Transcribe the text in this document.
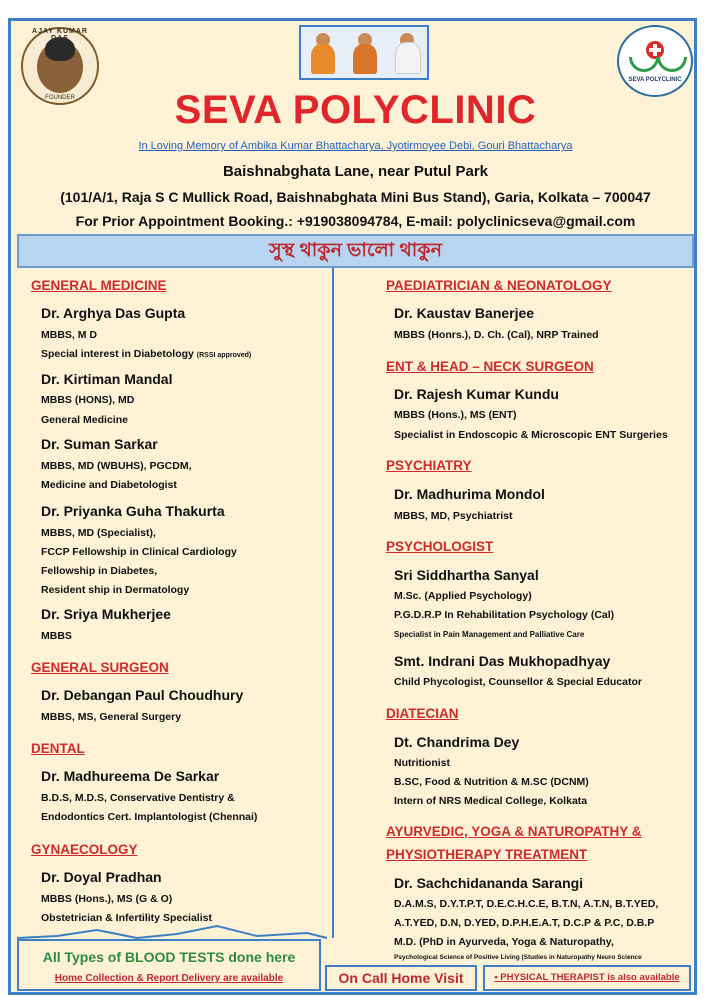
AJAY KUMAR
FOUNDER
SEVA POLYCLINIC
SEVA POLYCLINIC
In Loving Memory of Ambika Kumar Bhattacharya, Jyotirmoyee Debi, Gouri Bhattacharya
Baishnabghata Lane, near Putul Park
(101/A/1, Raja S C Mullick Road, Baishnabghata Mini Bus Stand), Garia, Kolkata – 700047
For Prior Appointment Booking.: +919038094784, E-mail: polyclinicseva@gmail.com
সুস্থ থাকুন ভালো থাকুন
GENERAL MEDICINE
Dr. Arghya Das Gupta
MBBS, M D
Special interest in Diabetology (RSSI approved)
Dr. Kirtiman Mandal
MBBS (HONS), MD
General Medicine
Dr. Suman Sarkar
MBBS, MD (WBUHS), PGCDM,
Medicine and Diabetologist
Dr. Priyanka Guha Thakurta
MBBS, MD (Specialist),
FCCP Fellowship in Clinical Cardiology
Fellowship in Diabetes,
Resident ship in Dermatology
Dr. Sriya Mukherjee
MBBS
GENERAL SURGEON
Dr. Debangan Paul Choudhury
MBBS, MS, General Surgery
DENTAL
Dr. Madhureema De Sarkar
B.D.S, M.D.S, Conservative Dentistry &
Endodontics Cert. Implantologist (Chennai)
GYNAECOLOGY
Dr. Doyal Pradhan
MBBS (Hons.), MS (G & O)
Obstetrician & Infertility Specialist
PAEDIATRICIAN & NEONATOLOGY
Dr. Kaustav Banerjee
MBBS (Honrs.), D. Ch. (Cal), NRP Trained
ENT & HEAD – NECK SURGEON
Dr. Rajesh Kumar Kundu
MBBS (Hons.), MS (ENT)
Specialist in Endoscopic & Microscopic ENT Surgeries
PSYCHIATRY
Dr. Madhurima Mondol
MBBS, MD, Psychiatrist
PSYCHOLOGIST
Sri Siddhartha Sanyal
M.Sc. (Applied Psychology)
P.G.D.R.P In Rehabilitation Psychology (Cal)
Specialist in Pain Management and Palliative Care
Smt. Indrani Das Mukhopadhyay
Child Phycologist, Counsellor & Special Educator
DIATECIAN
Dt. Chandrima Dey
Nutritionist
B.SC, Food & Nutrition & M.SC (DCNM)
Intern of NRS Medical College, Kolkata
AYURVEDIC, YOGA & NATUROPATHY &
PHYSIOTHERAPY TREATMENT
Dr. Sachchidananda Sarangi
D.A.M.S, D.Y.T.P.T, D.E.C.H.C.E, B.T.N, A.T.N, B.T.YED,
A.T.YED, D.N, D.YED, D.P.H.E.A.T, D.C.P & P.C, D.B.P
M.D. (PhD in Ayurveda, Yoga & Naturopathy,
Psychological Science of Positive Living (Studies in Naturopathy Neuro Science
All Types of BLOOD TESTS done here
Home Collection & Report Delivery are available	On Call Home Visit	• PHYSICAL THERAPIST is also available
